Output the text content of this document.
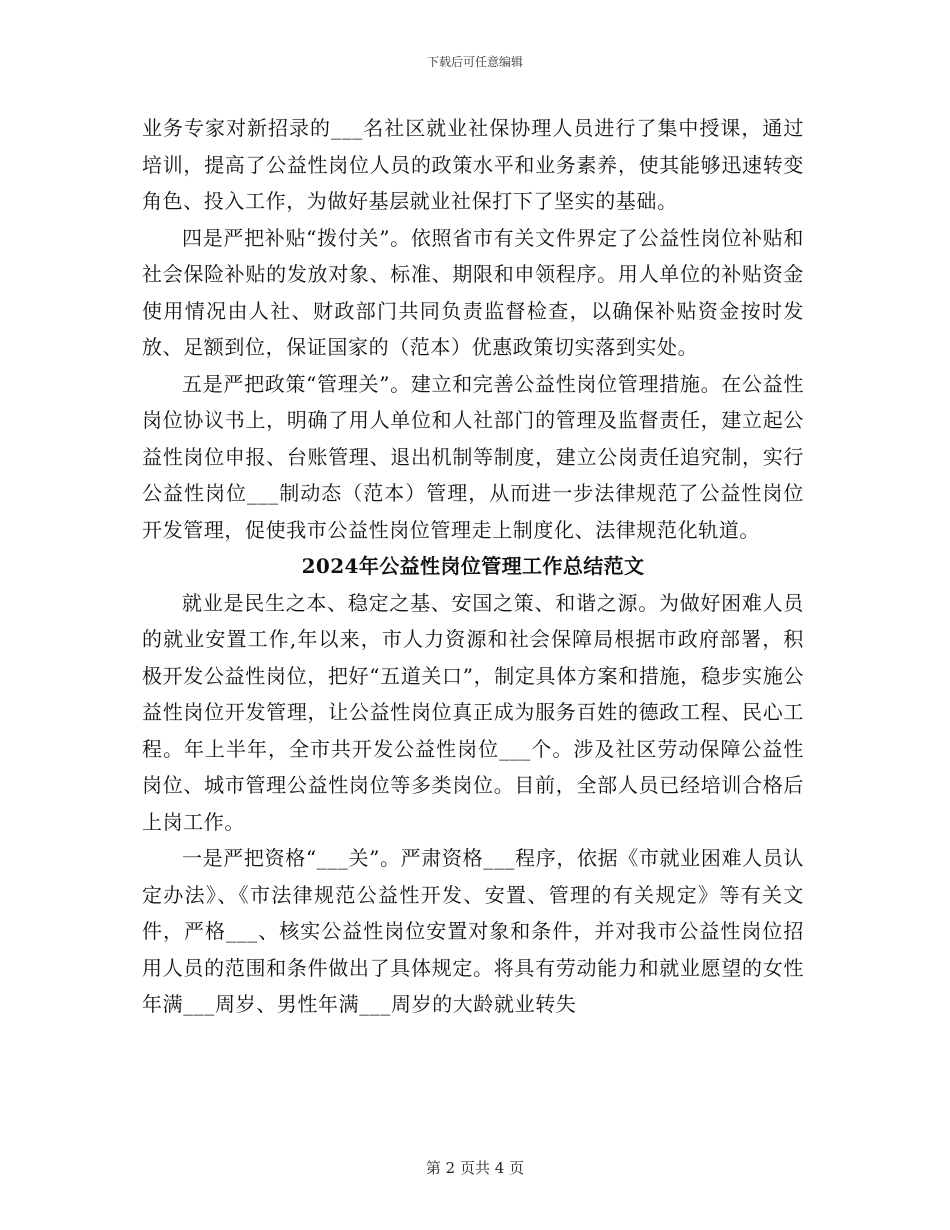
下载后可任意编辑

业务专家对新招录的___名社区就业社保协理人员进行了集中授课，通过培训，提高了公益性岗位人员的政策水平和业务素养，使其能够迅速转变角色、投入工作，为做好基层就业社保打下了坚实的基础。

四是严把补贴“拨付关”。依照省市有关文件界定了公益性岗位补贴和社会保险补贴的发放对象、标准、期限和申领程序。用人单位的补贴资金使用情况由人社、财政部门共同负责监督检查，以确保补贴资金按时发放、足额到位，保证国家的（范本）优惠政策切实落到实处。

五是严把政策“管理关”。建立和完善公益性岗位管理措施。在公益性岗位协议书上，明确了用人单位和人社部门的管理及监督责任，建立起公益性岗位申报、台账管理、退出机制等制度，建立公岗责任追究制，实行公益性岗位___制动态（范本）管理，从而进一步法律规范了公益性岗位开发管理，促使我市公益性岗位管理走上制度化、法律规范化轨道。

2024年公益性岗位管理工作总结范文

就业是民生之本、稳定之基、安国之策、和谐之源。为做好困难人员的就业安置工作,年以来，市人力资源和社会保障局根据市政府部署，积极开发公益性岗位，把好“五道关口”，制定具体方案和措施，稳步实施公益性岗位开发管理，让公益性岗位真正成为服务百姓的德政工程、民心工程。年上半年，全市共开发公益性岗位___个。涉及社区劳动保障公益性岗位、城市管理公益性岗位等多类岗位。目前，全部人员已经培训合格后上岗工作。

一是严把资格“___关”。严肃资格___程序，依据《市就业困难人员认定办法》、《市法律规范公益性开发、安置、管理的有关规定》等有关文件，严格___、核实公益性岗位安置对象和条件，并对我市公益性岗位招用人员的范围和条件做出了具体规定。将具有劳动能力和就业愿望的女性年满___周岁、男性年满___周岁的大龄就业转失

第 2 页共 4 页
